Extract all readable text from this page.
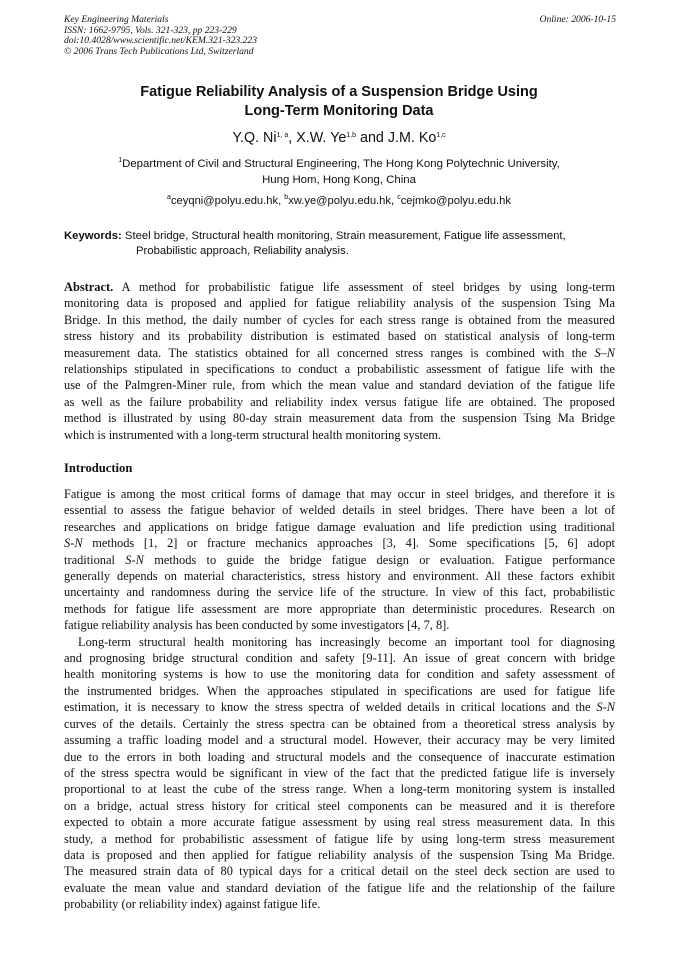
Key Engineering Materials
ISSN: 1662-9795, Vols. 321-323, pp 223-229
doi:10.4028/www.scientific.net/KEM.321-323.223
© 2006 Trans Tech Publications Ltd, Switzerland
Online: 2006-10-15
Fatigue Reliability Analysis of a Suspension Bridge Using
Long-Term Monitoring Data
Y.Q. Ni$^{1, a}$, X.W. Ye$^{1,b}$ and J.M. Ko$^{1,c}$
$^1$Department of Civil and Structural Engineering, The Hong Kong Polytechnic University,
Hung Hom, Hong Kong, China
$^a$ceyqni@polyu.edu.hk, $^b$xw.ye@polyu.edu.hk, $^c$cejmko@polyu.edu.hk
Keywords: Steel bridge, Structural health monitoring, Strain measurement, Fatigue life assessment,
Probabilistic approach, Reliability analysis.
Abstract. A method for probabilistic fatigue life assessment of steel bridges by using long-term
monitoring data is proposed and applied for fatigue reliability analysis of the suspension Tsing Ma
Bridge. In this method, the daily number of cycles for each stress range is obtained from the measured
stress history and its probability distribution is estimated based on statistical analysis of long-term
measurement data. The statistics obtained for all concerned stress ranges is combined with the S–N
relationships stipulated in specifications to conduct a probabilistic assessment of fatigue life with the
use of the Palmgren-Miner rule, from which the mean value and standard deviation of the fatigue life
as well as the failure probability and reliability index versus fatigue life are obtained. The proposed
method is illustrated by using 80-day strain measurement data from the suspension Tsing Ma Bridge
which is instrumented with a long-term structural health monitoring system.
Introduction
Fatigue is among the most critical forms of damage that may occur in steel bridges, and therefore it is
essential to assess the fatigue behavior of welded details in steel bridges. There have been a lot of
researches and applications on bridge fatigue damage evaluation and life prediction using traditional
S-N methods [1, 2] or fracture mechanics approaches [3, 4]. Some specifications [5, 6] adopt
traditional S-N methods to guide the bridge fatigue design or evaluation. Fatigue performance
generally depends on material characteristics, stress history and environment. All these factors exhibit
uncertainty and randomness during the service life of the structure. In view of this fact, probabilistic
methods for fatigue life assessment are more appropriate than deterministic procedures. Research on
fatigue reliability analysis has been conducted by some investigators [4, 7, 8].
Long-term structural health monitoring has increasingly become an important tool for diagnosing
and prognosing bridge structural condition and safety [9-11]. An issue of great concern with bridge
health monitoring systems is how to use the monitoring data for condition and safety assessment of
the instrumented bridges. When the approaches stipulated in specifications are used for fatigue life
estimation, it is necessary to know the stress spectra of welded details in critical locations and the S-N
curves of the details. Certainly the stress spectra can be obtained from a theoretical stress analysis by
assuming a traffic loading model and a structural model. However, their accuracy may be very limited
due to the errors in both loading and structural models and the consequence of inaccurate estimation
of the stress spectra would be significant in view of the fact that the predicted fatigue life is inversely
proportional to at least the cube of the stress range. When a long-term monitoring system is installed
on a bridge, actual stress history for critical steel components can be measured and it is therefore
expected to obtain a more accurate fatigue assessment by using real stress measurement data. In this
study, a method for probabilistic assessment of fatigue life by using long-term stress measurement
data is proposed and then applied for fatigue reliability analysis of the suspension Tsing Ma Bridge.
The measured strain data of 80 typical days for a critical detail on the steel deck section are used to
evaluate the mean value and standard deviation of the fatigue life and the relationship of the failure
probability (or reliability index) against fatigue life.
